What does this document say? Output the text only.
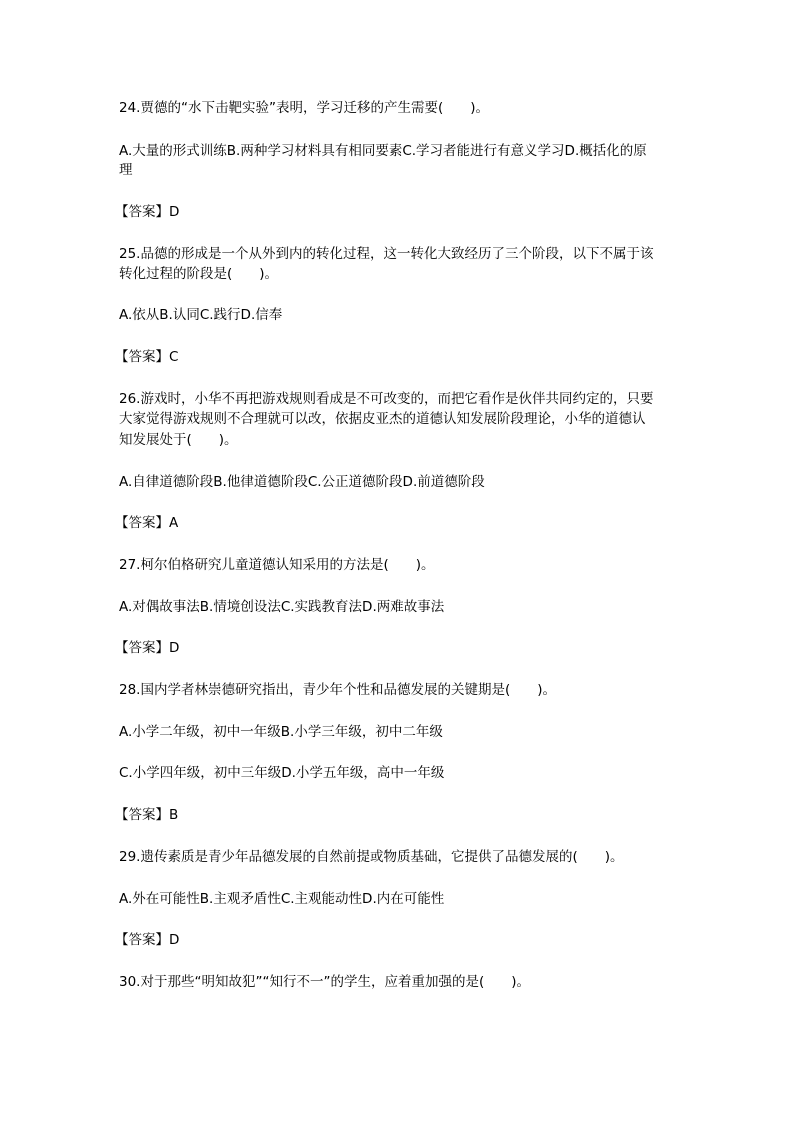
24.贾德的“水下击靶实验”表明，学习迁移的产生需要(　　)。
A.大量的形式训练B.两种学习材料具有相同要素C.学习者能进行有意义学习D.概括化的原
理
【答案】D
25.品德的形成是一个从外到内的转化过程，这一转化大致经历了三个阶段，以下不属于该
转化过程的阶段是(　　)。
A.依从B.认同C.践行D.信奉
【答案】C
26.游戏时，小华不再把游戏规则看成是不可改变的，而把它看作是伙伴共同约定的，只要
大家觉得游戏规则不合理就可以改，依据皮亚杰的道德认知发展阶段理论，小华的道德认
知发展处于(　　)。
A.自律道德阶段B.他律道德阶段C.公正道德阶段D.前道德阶段
【答案】A
27.柯尔伯格研究儿童道德认知采用的方法是(　　)。
A.对偶故事法B.情境创设法C.实践教育法D.两难故事法
【答案】D
28.国内学者林崇德研究指出，青少年个性和品德发展的关键期是(　　)。
A.小学二年级，初中一年级B.小学三年级，初中二年级
C.小学四年级，初中三年级D.小学五年级，高中一年级
【答案】B
29.遗传素质是青少年品德发展的自然前提或物质基础，它提供了品德发展的(　　)。
A.外在可能性B.主观矛盾性C.主观能动性D.内在可能性
【答案】D
30.对于那些“明知故犯”“知行不一”的学生，应着重加强的是(　　)。
